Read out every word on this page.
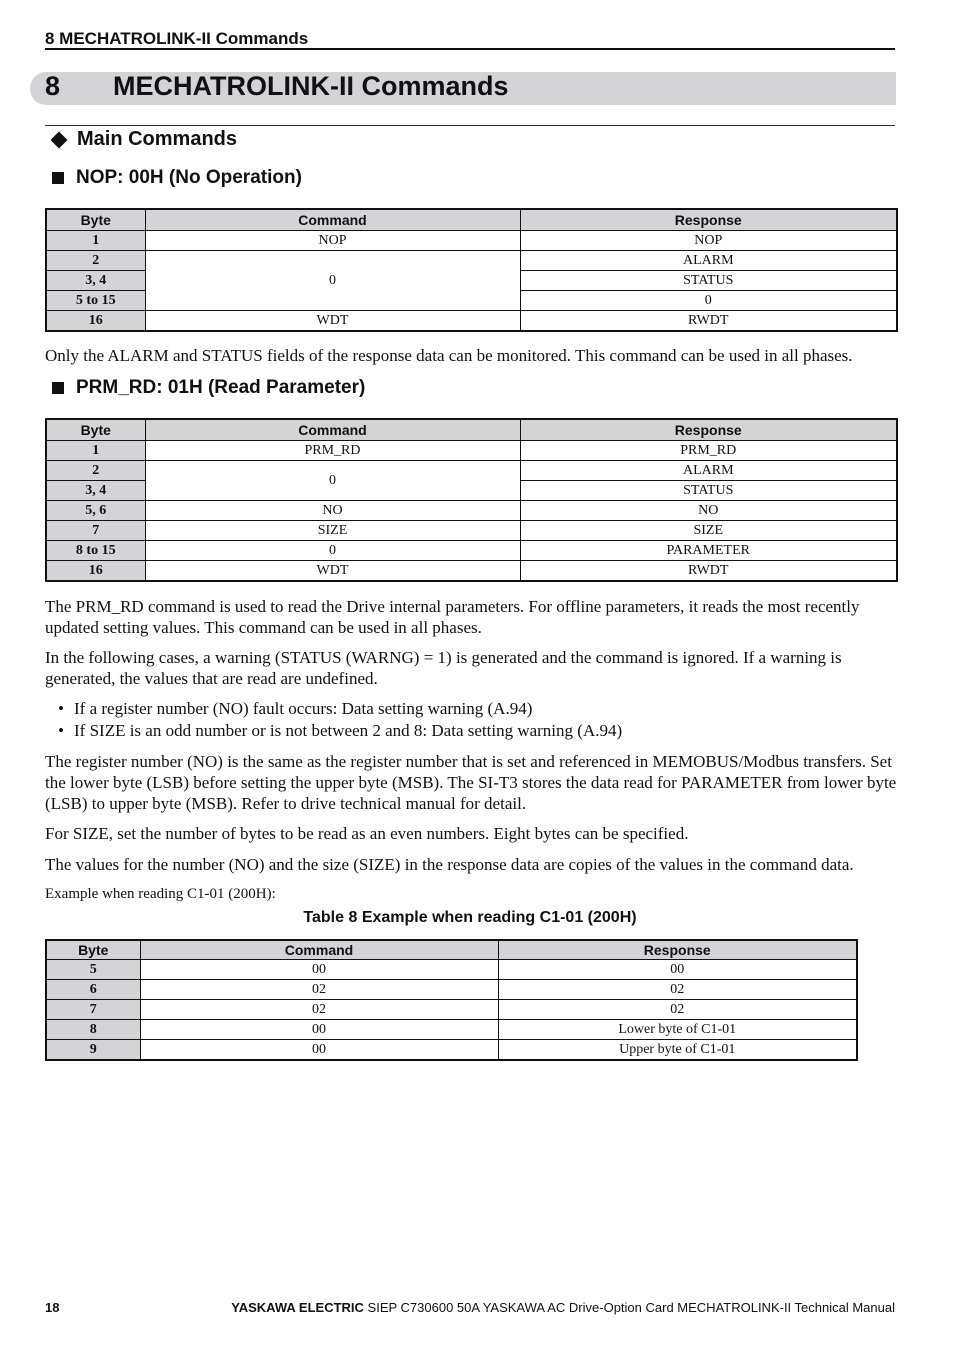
8 MECHATROLINK-II Commands
8 MECHATROLINK-II Commands
Main Commands
NOP: 00H (No Operation)
Byte	Command	Response
1	NOP	NOP
2	0	ALARM
3, 4		STATUS
5 to 15		0
16	WDT	RWDT

Only the ALARM and STATUS fields of the response data can be monitored. This command can be used in all phases.

PRM_RD: 01H (Read Parameter)
Byte	Command	Response
1	PRM_RD	PRM_RD
2	0	ALARM
3, 4		STATUS
5, 6	NO	NO
7	SIZE	SIZE
8 to 15	0	PARAMETER
16	WDT	RWDT

The PRM_RD command is used to read the Drive internal parameters. For offline parameters, it reads the most recently updated setting values. This command can be used in all phases.

In the following cases, a warning (STATUS (WARNG) = 1) is generated and the command is ignored. If a warning is generated, the values that are read are undefined.

• If a register number (NO) fault occurs: Data setting warning (A.94)
• If SIZE is an odd number or is not between 2 and 8: Data setting warning (A.94)

The register number (NO) is the same as the register number that is set and referenced in MEMOBUS/Modbus transfers. Set the lower byte (LSB) before setting the upper byte (MSB). The SI-T3 stores the data read for PARAMETER from lower byte (LSB) to upper byte (MSB). Refer to drive technical manual for detail.

For SIZE, set the number of bytes to be read as an even numbers. Eight bytes can be specified.

The values for the number (NO) and the size (SIZE) in the response data are copies of the values in the command data.

Example when reading C1-01 (200H):
Table 8 Example when reading C1-01 (200H)
Byte	Command	Response
5	00	00
6	02	02
7	02	02
8	00	Lower byte of C1-01
9	00	Upper byte of C1-01
18	YASKAWA ELECTRIC SIEP C730600 50A YASKAWA AC Drive-Option Card MECHATROLINK-II Technical Manual
